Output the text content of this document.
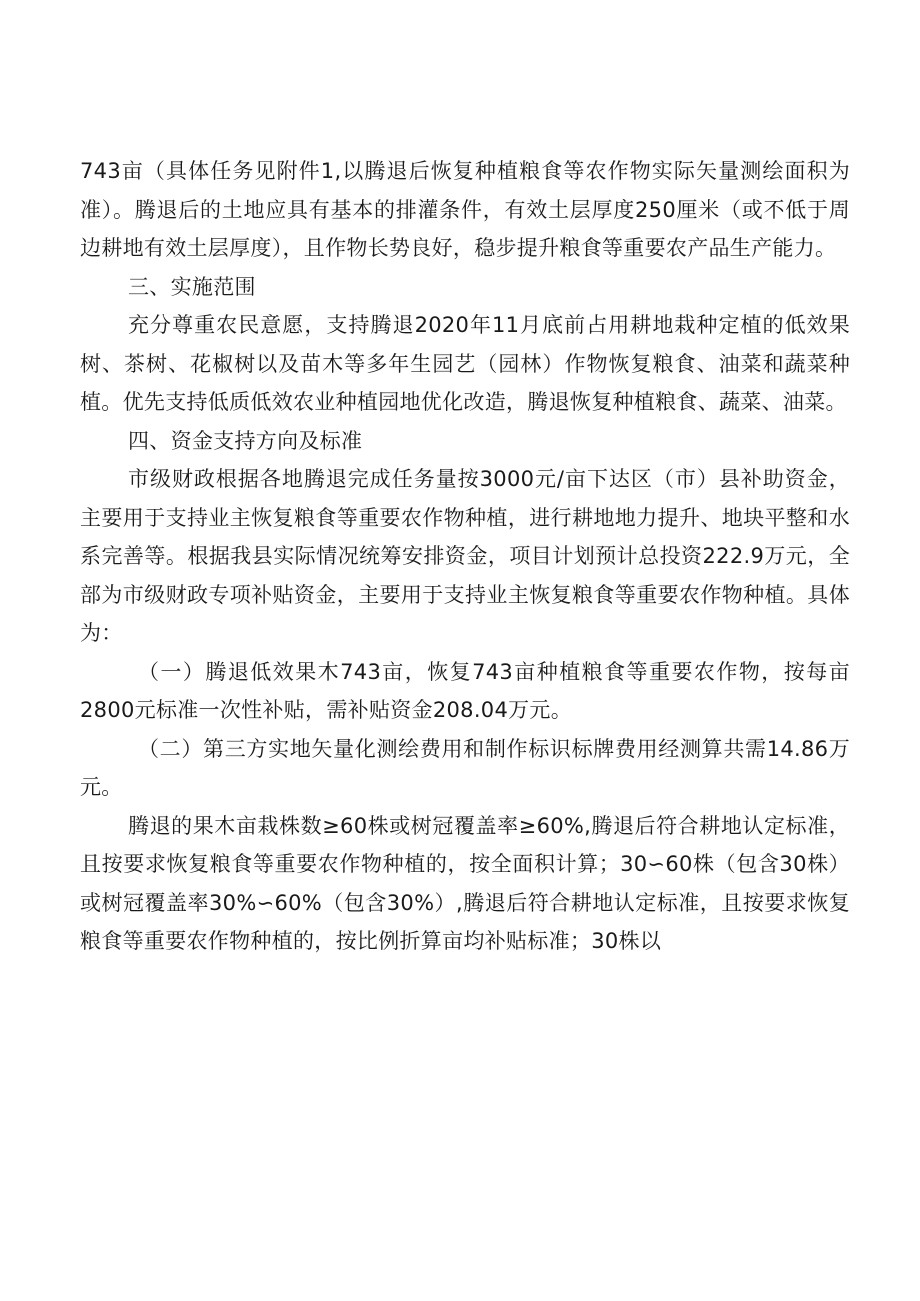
743亩（具体任务见附件1,以腾退后恢复种植粮食等农作物实际矢量测绘面积为准）。腾退后的土地应具有基本的排灌条件，有效土层厚度250厘米（或不低于周边耕地有效土层厚度），且作物长势良好，稳步提升粮食等重要农产品生产能力。

三、实施范围

充分尊重农民意愿，支持腾退2020年11月底前占用耕地栽种定植的低效果树、茶树、花椒树以及苗木等多年生园艺（园林）作物恢复粮食、油菜和蔬菜种植。优先支持低质低效农业种植园地优化改造，腾退恢复种植粮食、蔬菜、油菜。

四、资金支持方向及标准

市级财政根据各地腾退完成任务量按3000元/亩下达区（市）县补助资金，主要用于支持业主恢复粮食等重要农作物种植，进行耕地地力提升、地块平整和水系完善等。根据我县实际情况统筹安排资金，项目计划预计总投资222.9万元，全部为市级财政专项补贴资金，主要用于支持业主恢复粮食等重要农作物种植。具体为：

（一）腾退低效果木743亩，恢复743亩种植粮食等重要农作物，按每亩2800元标准一次性补贴，需补贴资金208.04万元。

（二）第三方实地矢量化测绘费用和制作标识标牌费用经测算共需14.86万元。

腾退的果木亩栽株数≥60株或树冠覆盖率≥60%,腾退后符合耕地认定标准，且按要求恢复粮食等重要农作物种植的，按全面积计算；30∽60株（包含30株）或树冠覆盖率30%∽60%（包含30%）,腾退后符合耕地认定标准，且按要求恢复粮食等重要农作物种植的，按比例折算亩均补贴标准；30株以
